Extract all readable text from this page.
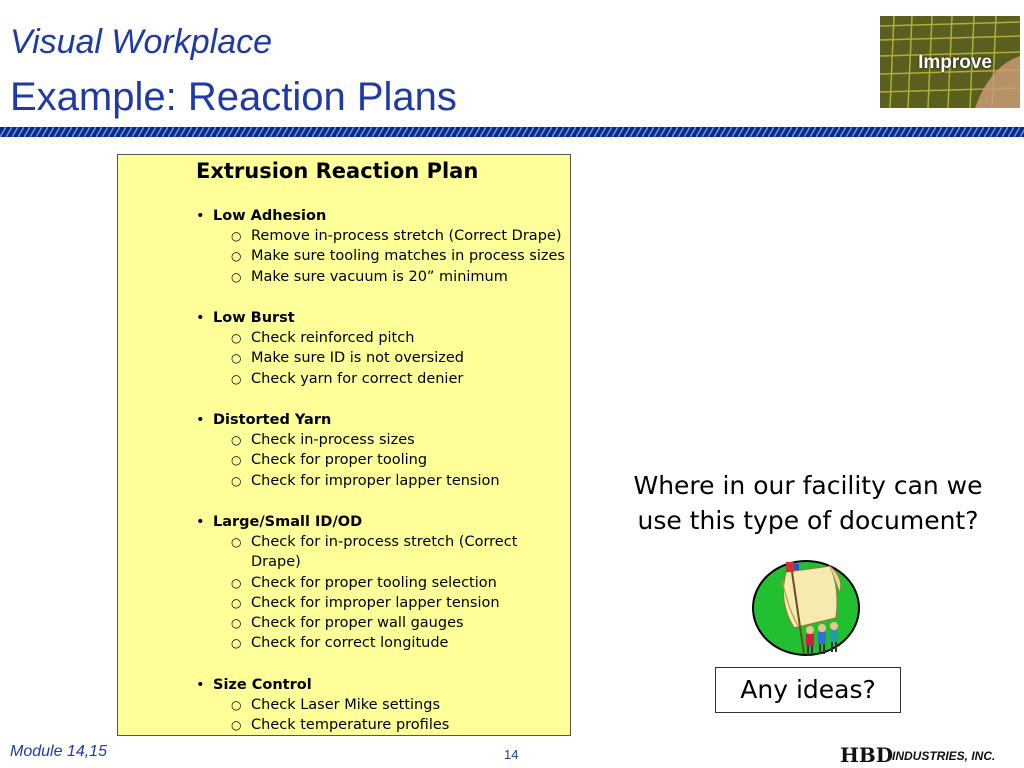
Visual Workplace
Example: Reaction Plans
Improve
Extrusion Reaction Plan
• Low Adhesion
○ Remove in-process stretch (Correct Drape)
○ Make sure tooling matches in process sizes
○ Make sure vacuum is 20” minimum
• Low Burst
○ Check reinforced pitch
○ Make sure ID is not oversized
○ Check yarn for correct denier
• Distorted Yarn
○ Check in-process sizes
○ Check for proper tooling
○ Check for improper lapper tension
• Large/Small ID/OD
○ Check for in-process stretch (Correct Drape)
○ Check for proper tooling selection
○ Check for improper lapper tension
○ Check for proper wall gauges
○ Check for correct longitude
• Size Control
○ Check Laser Mike settings
○ Check temperature profiles
Where in our facility can we use this type of document?
Any ideas?
Module 14,15	14	HBD
INDUSTRIES, INC.
